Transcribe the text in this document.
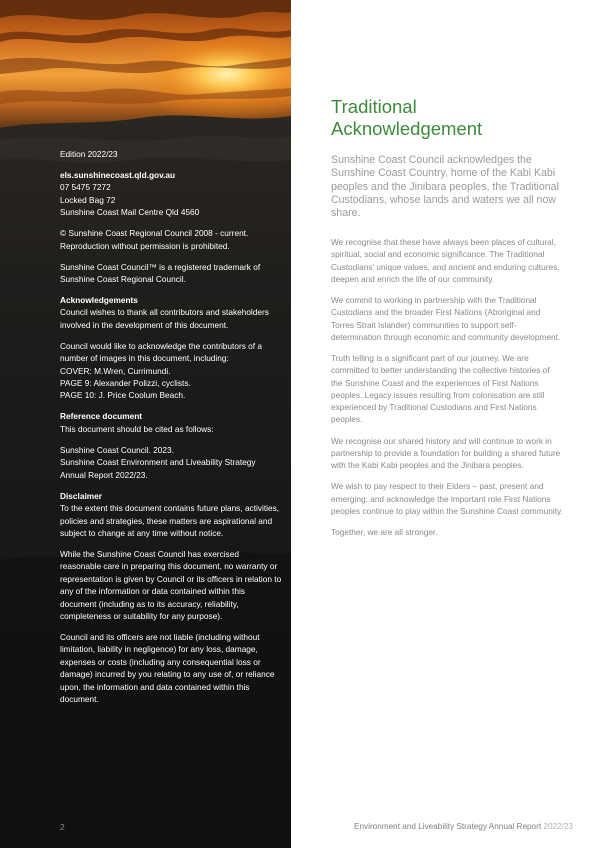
Edition 2022/23

els.sunshinecoast.qld.gov.au
07 5475 7272
Locked Bag 72
Sunshine Coast Mail Centre Qld 4560

© Sunshine Coast Regional Council 2008 - current. Reproduction without permission is prohibited.

Sunshine Coast Council™ is a registered trademark of Sunshine Coast Regional Council.

Acknowledgements
Council wishes to thank all contributors and stakeholders involved in the development of this document.

Council would like to acknowledge the contributors of a number of images in this document, including:
COVER: M.Wren, Currimundi.
PAGE 9: Alexander Polizzi, cyclists.
PAGE 10: J. Price Coolum Beach.

Reference document
This document should be cited as follows:

Sunshine Coast Council. 2023.
Sunshine Coast Environment and Liveability Strategy Annual Report 2022/23.

Disclaimer
To the extent this document contains future plans, activities, policies and strategies, these matters are aspirational and subject to change at any time without notice.

While the Sunshine Coast Council has exercised reasonable care in preparing this document, no warranty or representation is given by Council or its officers in relation to any of the information or data contained within this document (including as to its accuracy, reliability, completeness or suitability for any purpose).

Council and its officers are not liable (including without limitation, liability in negligence) for any loss, damage, expenses or costs (including any consequential loss or damage) incurred by you relating to any use of, or reliance upon, the information and data contained within this document.

2
Traditional Acknowledgement

Sunshine Coast Council acknowledges the Sunshine Coast Country, home of the Kabi Kabi peoples and the Jinibara peoples, the Traditional Custodians, whose lands and waters we all now share.

We recognise that these have always been places of cultural, spiritual, social and economic significance. The Traditional Custodians' unique values, and ancient and enduring cultures, deepen and enrich the life of our community.

We commit to working in partnership with the Traditional Custodians and the broader First Nations (Aboriginal and Torres Strait Islander) communities to support self-determination through economic and community development.

Truth telling is a significant part of our journey. We are committed to better understanding the collective histories of the Sunshine Coast and the experiences of First Nations peoples. Legacy issues resulting from colonisation are still experienced by Traditional Custodians and First Nations peoples.

We recognise our shared history and will continue to work in partnership to provide a foundation for building a shared future with the Kabi Kabi peoples and the Jinibara peoples.

We wish to pay respect to their Elders – past, present and emerging, and acknowledge the important role First Nations peoples continue to play within the Sunshine Coast community.

Together, we are all stronger.

Environment and Liveability Strategy Annual Report 2022/23
